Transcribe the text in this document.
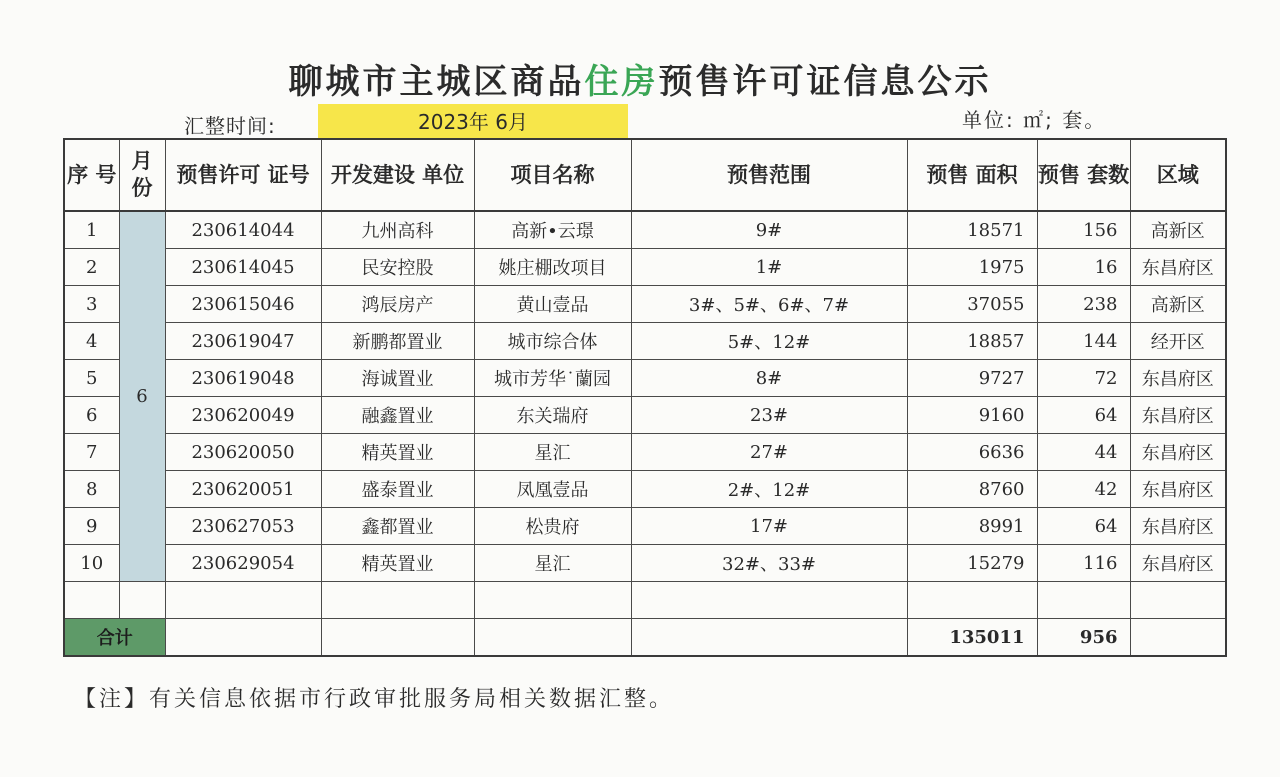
聊城市主城区商品住房预售许可证信息公示
汇整时间:	2023年 6月	单位: ㎡; 套。
序 号	月 份	预售许可 证号	开发建设 单位	项目名称	预售范围	预售 面积	预售 套数	区域
1	6	230614044	九州高科	高新•云璟	9#	18571	156	高新区
2		230614045	民安控股	姚庄棚改项目	1#	1975	16	东昌府区
3		230615046	鸿辰房产	黄山壹品	3#、5#、6#、7#	37055	238	高新区
4		230619047	新鹏都置业	城市综合体	5#、12#	18857	144	经开区
5		230619048	海诚置业	城市芳华˙蘭园	8#	9727	72	东昌府区
6		230620049	融鑫置业	东关瑞府	23#	9160	64	东昌府区
7		230620050	精英置业	星汇	27#	6636	44	东昌府区
8		230620051	盛泰置业	凤凰壹品	2#、12#	8760	42	东昌府区
9		230627053	鑫都置业	松贵府	17#	8991	64	东昌府区
10		230629054	精英置业	星汇	32#、33#	15279	116	东昌府区

合计						135011	956	
【注】有关信息依据市行政审批服务局相关数据汇整。
